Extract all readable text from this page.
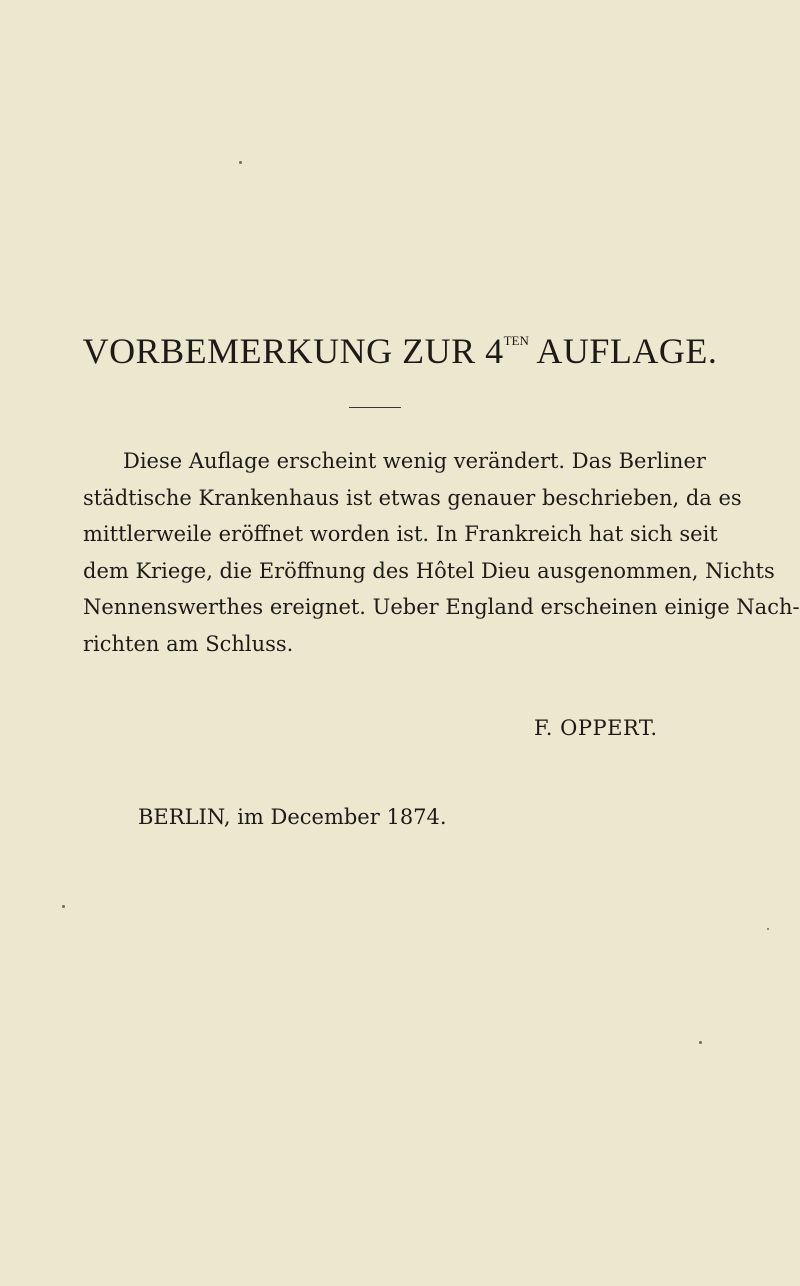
VORBEMERKUNG ZUR $4^{TEN}$ AUFLAGE.
Diese Auflage erscheint wenig verändert. Das Berliner
städtische Krankenhaus ist etwas genauer beschrieben, da es
mittlerweile eröffnet worden ist. In Frankreich hat sich seit
dem Kriege, die Eröffnung des Hôtel Dieu ausgenommen, Nichts
Nennenswerthes ereignet. Ueber England erscheinen einige Nach-
richten am Schluss.
F. OPPERT.
BERLIN, im December 1874.
